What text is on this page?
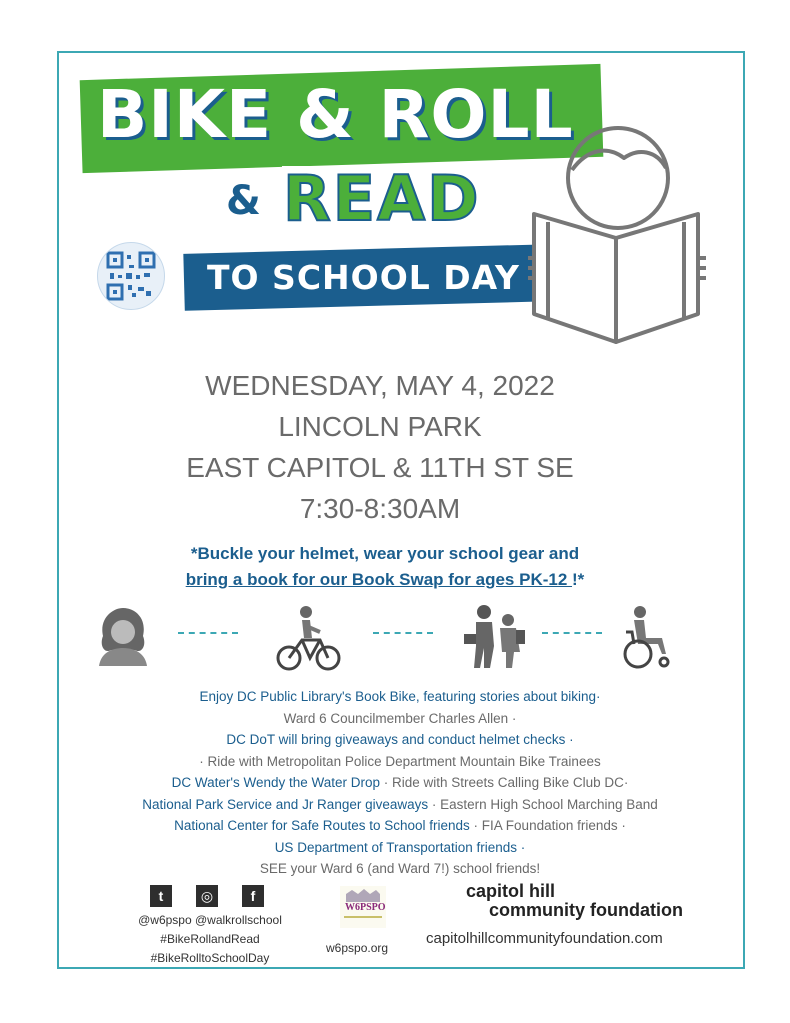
BIKE & ROLL
& READ
TO SCHOOL DAY
WEDNESDAY, MAY 4, 2022
LINCOLN PARK
EAST CAPITOL & 11TH ST SE
7:30-8:30AM
*Buckle your helmet, wear your school gear and
bring a book for our Book Swap for ages PK-12 !*
Enjoy DC Public Library's Book Bike, featuring stories about biking·
Ward 6 Councilmember Charles Allen ·
DC DoT will bring giveaways and conduct helmet checks ·
· Ride with Metropolitan Police Department Mountain Bike Trainees
DC Water's Wendy the Water Drop · Ride with Streets Calling Bike Club DC·
National Park Service and Jr Ranger giveaways · Eastern High School Marching Band
National Center for Safe Routes to School friends · FIA Foundation friends ·
US Department of Transportation friends ·
SEE your Ward 6 (and Ward 7!) school friends!
t	◎	f
@w6pspo @walkrollschool
#BikeRollandRead
#BikeRolltoSchoolDay
W6PSPO
w6pspo.org
capitol hill
community foundation
capitolhillcommunityfoundation.com
